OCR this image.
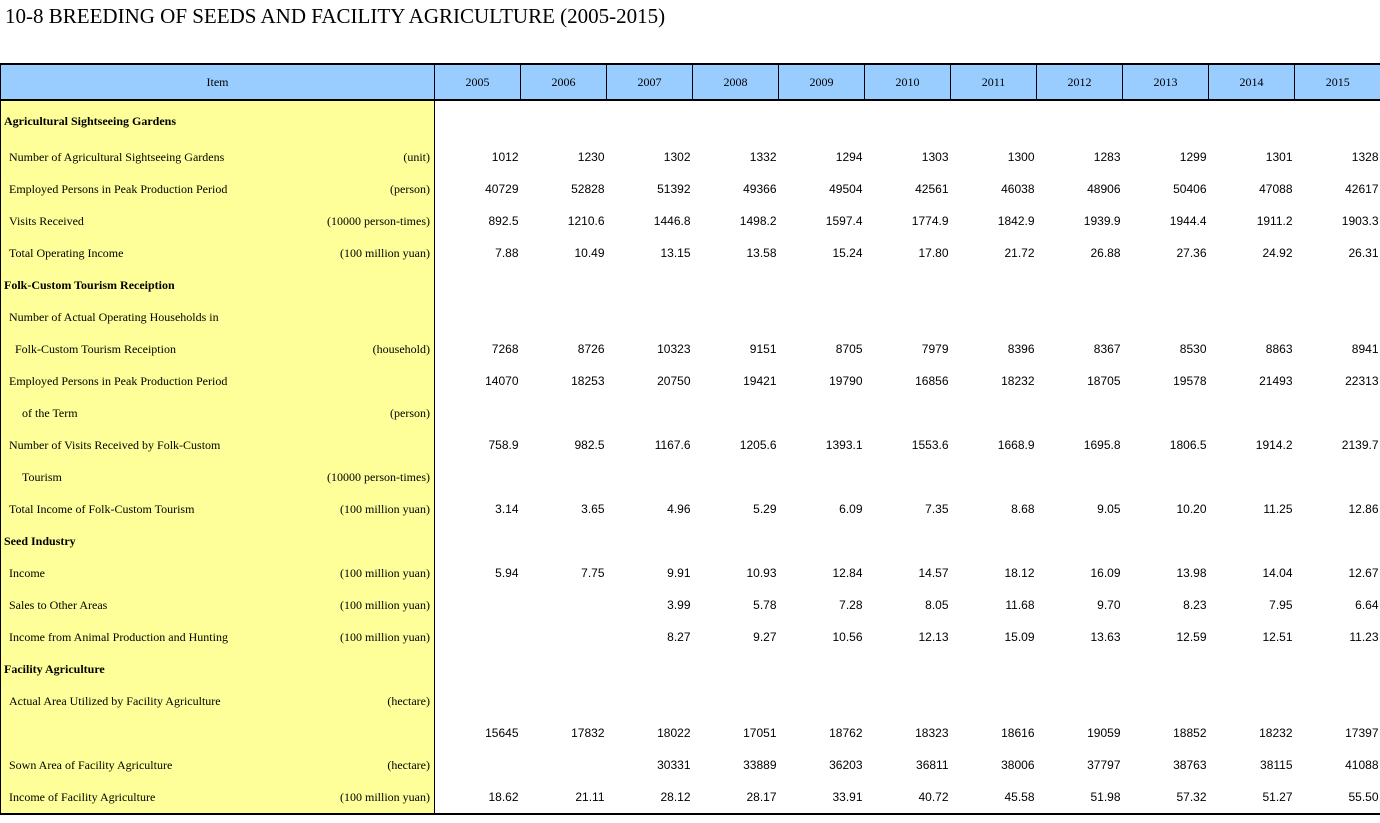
10-8 BREEDING OF SEEDS AND FACILITY AGRICULTURE (2005-2015)
Item	2005	2006	2007	2008	2009	2010	2011	2012	2013	2014	2015

Agricultural Sightseeing Gardens											

Number of Agricultural Sightseeing Gardens (unit)	1012	1230	1302	1332	1294	1303	1300	1283	1299	1301	1328

Employed Persons in Peak Production Period (person)	40729	52828	51392	49366	49504	42561	46038	48906	50406	47088	42617

Visits Received (10000 person-times)	892.5	1210.6	1446.8	1498.2	1597.4	1774.9	1842.9	1939.9	1944.4	1911.2	1903.3

Total Operating Income (100 million yuan)	7.88	10.49	13.15	13.58	15.24	17.80	21.72	26.88	27.36	24.92	26.31

Folk-Custom Tourism Receiption											

Number of Actual Operating Households in											

Folk-Custom Tourism Receiption (household)	7268	8726	10323	9151	8705	7979	8396	8367	8530	8863	8941

Employed Persons in Peak Production Period	14070	18253	20750	19421	19790	16856	18232	18705	19578	21493	22313

of the Term (person)											

Number of Visits Received by Folk-Custom	758.9	982.5	1167.6	1205.6	1393.1	1553.6	1668.9	1695.8	1806.5	1914.2	2139.7

Tourism (10000 person-times)											

Total Income of Folk-Custom Tourism (100 million yuan)	3.14	3.65	4.96	5.29	6.09	7.35	8.68	9.05	10.20	11.25	12.86

Seed Industry											

Income (100 million yuan)	5.94	7.75	9.91	10.93	12.84	14.57	18.12	16.09	13.98	14.04	12.67

Sales to Other Areas (100 million yuan)			3.99	5.78	7.28	8.05	11.68	9.70	8.23	7.95	6.64

Income from Animal Production and Hunting (100 million yuan)			8.27	9.27	10.56	12.13	15.09	13.63	12.59	12.51	11.23

Facility Agriculture											

Actual Area Utilized by Facility Agriculture (hectare)											

	15645	17832	18022	17051	18762	18323	18616	19059	18852	18232	17397

Sown Area of Facility Agriculture (hectare)			30331	33889	36203	36811	38006	37797	38763	38115	41088

Income of Facility Agriculture (100 million yuan)	18.62	21.11	28.12	28.17	33.91	40.72	45.58	51.98	57.32	51.27	55.50
